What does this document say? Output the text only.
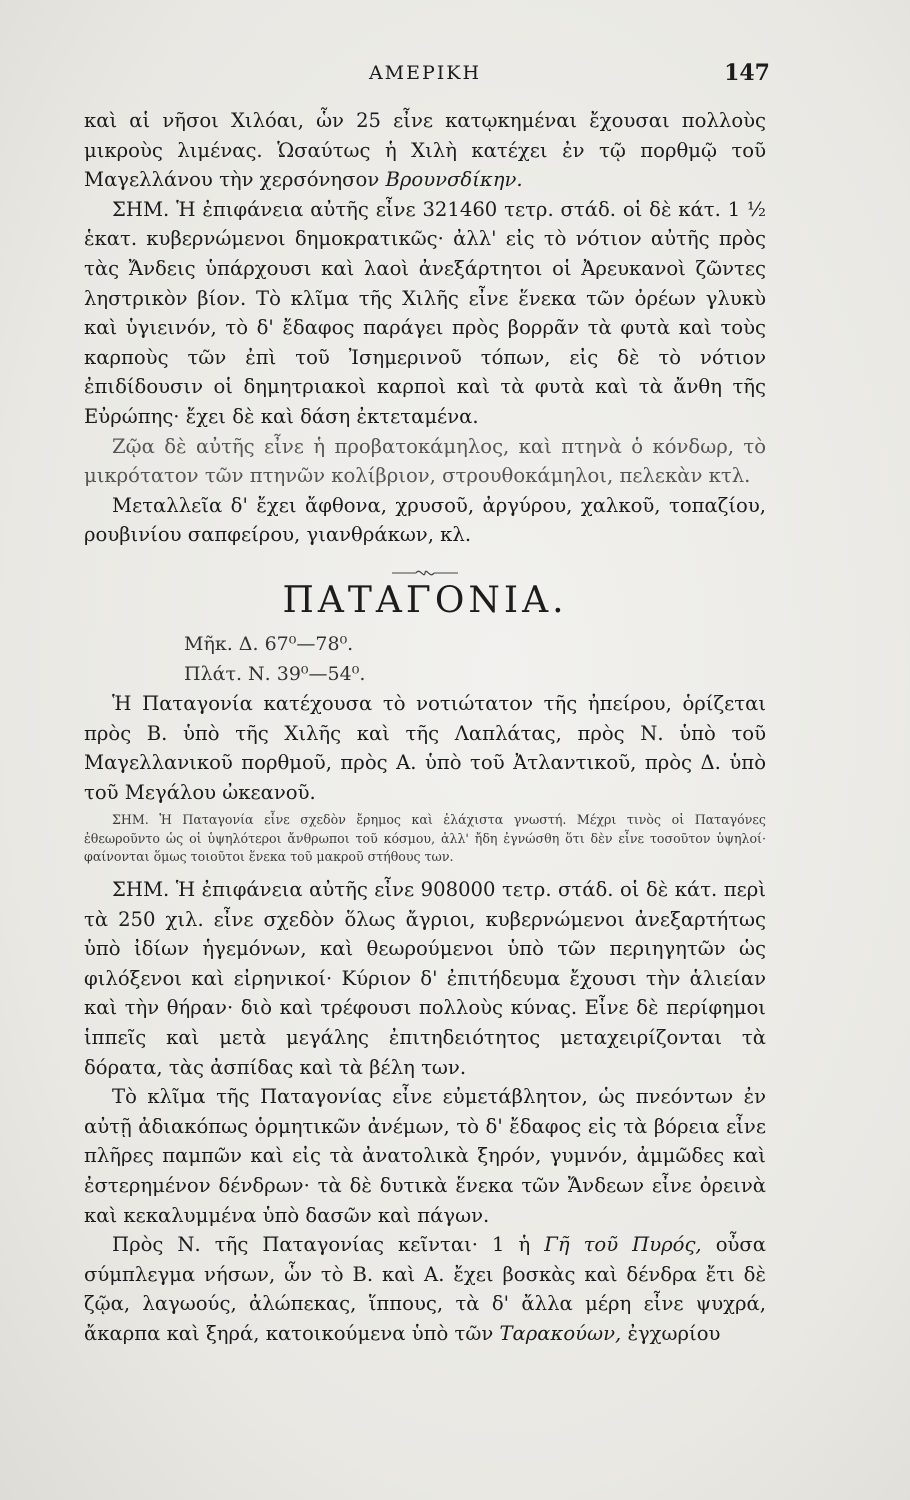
ΑΜΕΡΙΚΗ	147

καὶ αἱ νῆσοι Χιλόαι, ὧν 25 εἶνε κατῳκημέναι ἔχουσαι πολλοὺς μικροὺς λιμένας. Ὡσαύτως ἡ Χιλὴ κατέχει ἐν τῷ πορθμῷ τοῦ Μαγελλάνου τὴν χερσόνησον Βρουνσδίκην.

ΣΗΜ. Ἡ ἐπιφάνεια αὐτῆς εἶνε 321460 τετρ. στάδ. οἱ δὲ κάτ. 1 ½ ἑκατ. κυβερνώμενοι δημοκρατικῶς· ἀλλ' εἰς τὸ νότιον αὐτῆς πρὸς τὰς Ἄνδεις ὑπάρχουσι καὶ λαοὶ ἀνεξάρτητοι οἱ Ἀρευκανοὶ ζῶντες ληστρικὸν βίον. Τὸ κλῖμα τῆς Χιλῆς εἶνε ἕνεκα τῶν ὀρέων γλυκὺ καὶ ὑγιεινόν, τὸ δ' ἔδαφος παράγει πρὸς βορρᾶν τὰ φυτὰ καὶ τοὺς καρποὺς τῶν ἐπὶ τοῦ Ἰσημερινοῦ τόπων, εἰς δὲ τὸ νότιον ἐπιδίδουσιν οἱ δημητριακοὶ καρποὶ καὶ τὰ φυτὰ καὶ τὰ ἄνθη τῆς Εὐρώπης· ἔχει δὲ καὶ δάση ἐκτεταμένα.

Ζῷα δὲ αὐτῆς εἶνε ἡ προβατοκάμηλος, καὶ πτηνὰ ὁ κόνδωρ, τὸ μικρότατον τῶν πτηνῶν κολίβριον, στρουθοκάμηλοι, πελεκὰν κτλ.

Μεταλλεῖα δ' ἔχει ἄφθονα, χρυσοῦ, ἀργύρου, χαλκοῦ, τοπαζίου, ρουβινίου σαπφείρου, γιανθράκων, κλ.

ΠΑΤΑΓΟΝΙΑ.
Μῆκ. Δ. 67⁰—78⁰.
Πλάτ. Ν. 39⁰—54⁰.

Ἡ Παταγονία κατέχουσα τὸ νοτιώτατον τῆς ἠπείρου, ὁρίζεται πρὸς Β. ὑπὸ τῆς Χιλῆς καὶ τῆς Λαπλάτας, πρὸς Ν. ὑπὸ τοῦ Μαγελλανικοῦ πορθμοῦ, πρὸς Α. ὑπὸ τοῦ Ἀτλαντικοῦ, πρὸς Δ. ὑπὸ τοῦ Μεγάλου ὠκεανοῦ.

ΣΗΜ. Ἡ Παταγονία εἶνε σχεδὸν ἔρημος καὶ ἐλάχιστα γνωστή. Μέχρι τινὸς οἱ Παταγόνες ἐθεωροῦντο ὡς οἱ ὑψηλότεροι ἄνθρωποι τοῦ κόσμου, ἀλλ' ἤδη ἐγνώσθη ὅτι δὲν εἶνε τοσοῦτον ὑψηλοί· φαίνονται ὅμως τοιοῦτοι ἕνεκα τοῦ μακροῦ στήθους των.

ΣΗΜ. Ἡ ἐπιφάνεια αὐτῆς εἶνε 908000 τετρ. στάδ. οἱ δὲ κάτ. περὶ τὰ 250 χιλ. εἶνε σχεδὸν ὅλως ἄγριοι, κυβερνώμενοι ἀνεξαρτήτως ὑπὸ ἰδίων ἡγεμόνων, καὶ θεωρούμενοι ὑπὸ τῶν περιηγητῶν ὡς φιλόξενοι καὶ εἰρηνικοί· Κύριον δ' ἐπιτήδευμα ἔχουσι τὴν ἁλιείαν καὶ τὴν θήραν· διὸ καὶ τρέφουσι πολλοὺς κύνας. Εἶνε δὲ περίφημοι ἱππεῖς καὶ μετὰ μεγάλης ἐπιτηδειότητος μεταχειρίζονται τὰ δόρατα, τὰς ἀσπίδας καὶ τὰ βέλη των.

Τὸ κλῖμα τῆς Παταγονίας εἶνε εὐμετάβλητον, ὡς πνεόντων ἐν αὐτῇ ἀδιακόπως ὁρμητικῶν ἀνέμων, τὸ δ' ἔδαφος εἰς τὰ βόρεια εἶνε πλῆρες παμπῶν καὶ εἰς τὰ ἀνατολικὰ ξηρόν, γυμνόν, ἀμμῶδες καὶ ἐστερημένον δένδρων· τὰ δὲ δυτικὰ ἕνεκα τῶν Ἄνδεων εἶνε ὀρεινὰ καὶ κεκαλυμμένα ὑπὸ δασῶν καὶ πάγων.

Πρὸς Ν. τῆς Παταγονίας κεῖνται· 1 ἡ Γῆ τοῦ Πυρός, οὖσα σύμπλεγμα νήσων, ὧν τὸ Β. καὶ Α. ἔχει βοσκὰς καὶ δένδρα ἔτι δὲ ζῷα, λαγωούς, ἀλώπεκας, ἵππους, τὰ δ' ἄλλα μέρη εἶνε ψυχρά, ἄκαρπα καὶ ξηρά, κατοικούμενα ὑπὸ τῶν Ταρακούων, ἐγχωρίου
